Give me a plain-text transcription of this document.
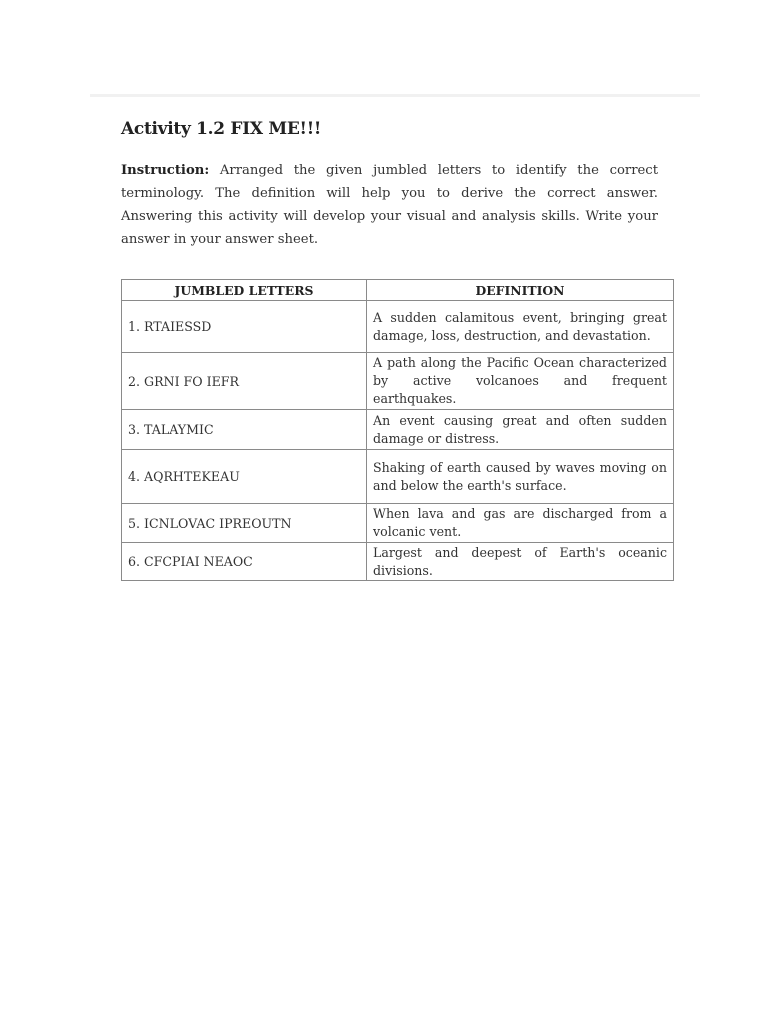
Activity 1.2 FIX ME!!!
Instruction: Arranged the given jumbled letters to identify the correct terminology. The definition will help you to derive the correct answer. Answering this activity will develop your visual and analysis skills. Write your answer in your answer sheet.
JUMBLED LETTERS	DEFINITION
1. RTAIESSD	A sudden calamitous event, bringing great damage, loss, destruction, and devastation.
2. GRNI FO IEFR	A path along the Pacific Ocean characterized by active volcanoes and frequent earthquakes.
3. TALAYMIC	An event causing great and often sudden damage or distress.
4. AQRHTEKEAU	Shaking of earth caused by waves moving on and below the earth's surface.
5. ICNLOVAC IPREOUTN	When lava and gas are discharged from a volcanic vent.
6. CFCPIAI NEAOC	Largest and deepest of Earth's oceanic divisions.
